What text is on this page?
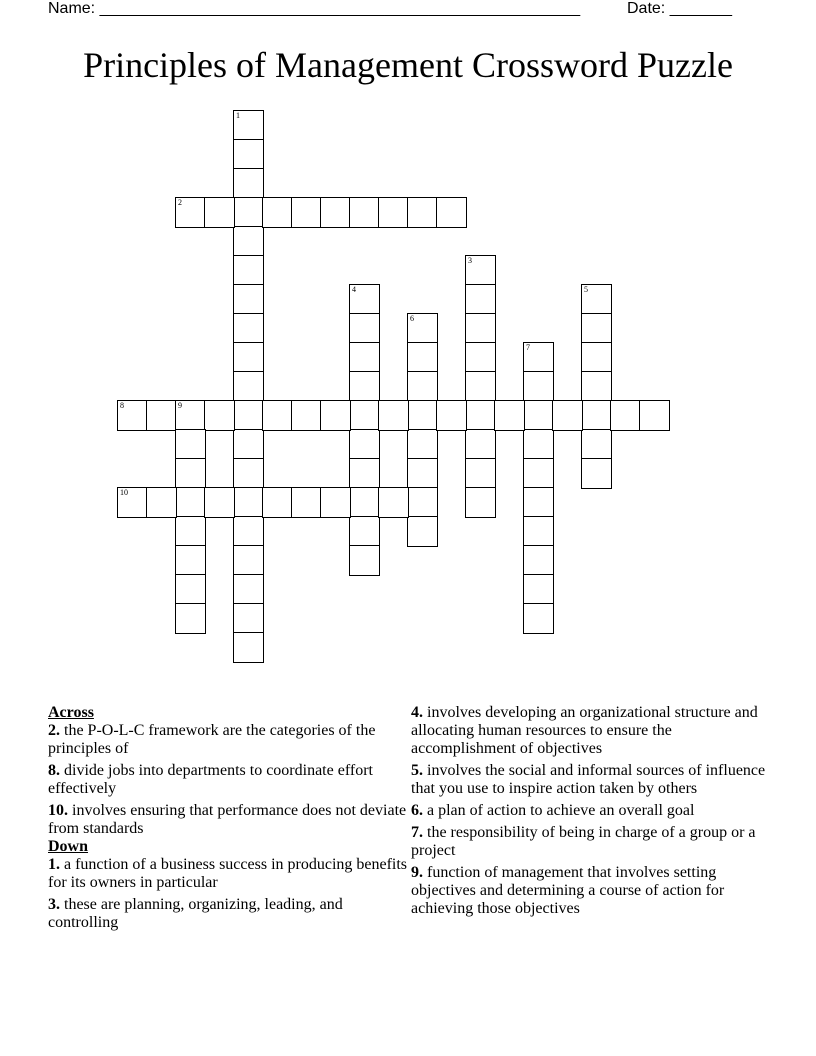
Name: ______________________________________________________	Date: _______
Principles of Management Crossword Puzzle
1
2
3
4	5
6
7
8	9
10

Across

2. the P-O-L-C framework are the categories of the principles of

8. divide jobs into departments to coordinate effort effectively

10. involves ensuring that performance does not deviate from standards

Down

1. a function of a business success in producing benefits for its owners in particular

3. these are planning, organizing, leading, and controlling

4. involves developing an organizational structure and allocating human resources to ensure the accomplishment of objectives

5. involves the social and informal sources of influence that you use to inspire action taken by others

6. a plan of action to achieve an overall goal

7. the responsibility of being in charge of a group or a project

9. function of management that involves setting objectives and determining a course of action for achieving those objectives
